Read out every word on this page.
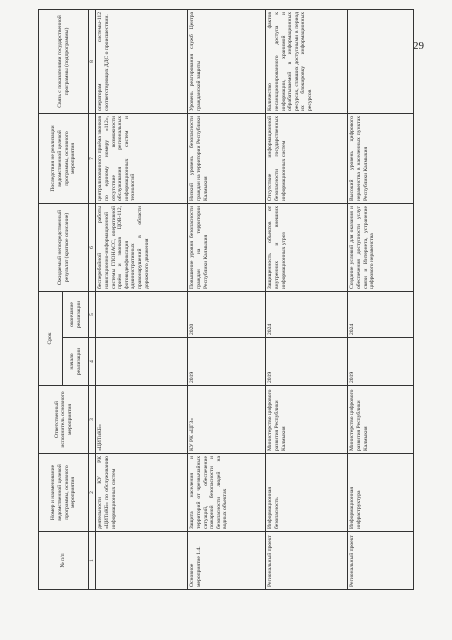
29
№ п/п	Номер и наименование ведомственной целевой программы, основного мероприятия	Ответственный исполнитель основного мероприятия	Срок		Ожидаемый непосредственный результат (краткое описание)	Последствия не реализации ведомственной целевой программы, основного мероприятия	Связь с показателями государственной программы (подпрограммы)
			начало реализации	окончание реализации			
1	2	3	4	5	6	7	8
	деятельности КУ РК «ЦИТиКБ» по обслуживанию информационных систем	«ЦИТиКБ»			бесперебойной работы навигационно-информационной системы ГЛОНАСС, оперативной приём и звонков ЦОВ-112, фотовидеофиксация административных правонарушений в области дорожного движения	централизованного приёма звонков по единому номеру «112», отсутствие возможности обслуживания региональных информационных систем и технологий	операторам системы-112 соответствующих ДДС о происшествии.
Основное мероприятие 1.4.	Защита населения и территорий от чрезвычайных ситуаций, обеспечение пожарной безопасности и безопасности людей на водных объектах	КУ РК «ЦГЗ»	2019	2020	Повышение уровня безопасности граждан на территории Республики Калмыкия	Низкий уровень безопасности граждан на территории Республики Калмыкия	Уровень реагирования служб Центра гражданской защиты
Региональный проект	Информационная безопасность	Министерство цифрового развития Республики Калмыкия	2019	2024	Защищенность объектов от внутренних и внешних информационных угроз	Отсутствие информационной безопасности государственных информационных систем	Количество фактов несанкционированного доступа к информации, хранимой и обрабатываемой в информационных ресурсах, ставших доступными в период их блокировку информационных ресурсов
Региональный проект	Информационная инфраструктура	Министерство цифрового развития Республики Калмыкия	2019	2024	Создание условий для оказания и обеспечения доступности услуг связи и Интернета, устранение цифрового неравенства	Высокий уровень цифрового неравенства в населенных пунктах Республики Калмыкия	
